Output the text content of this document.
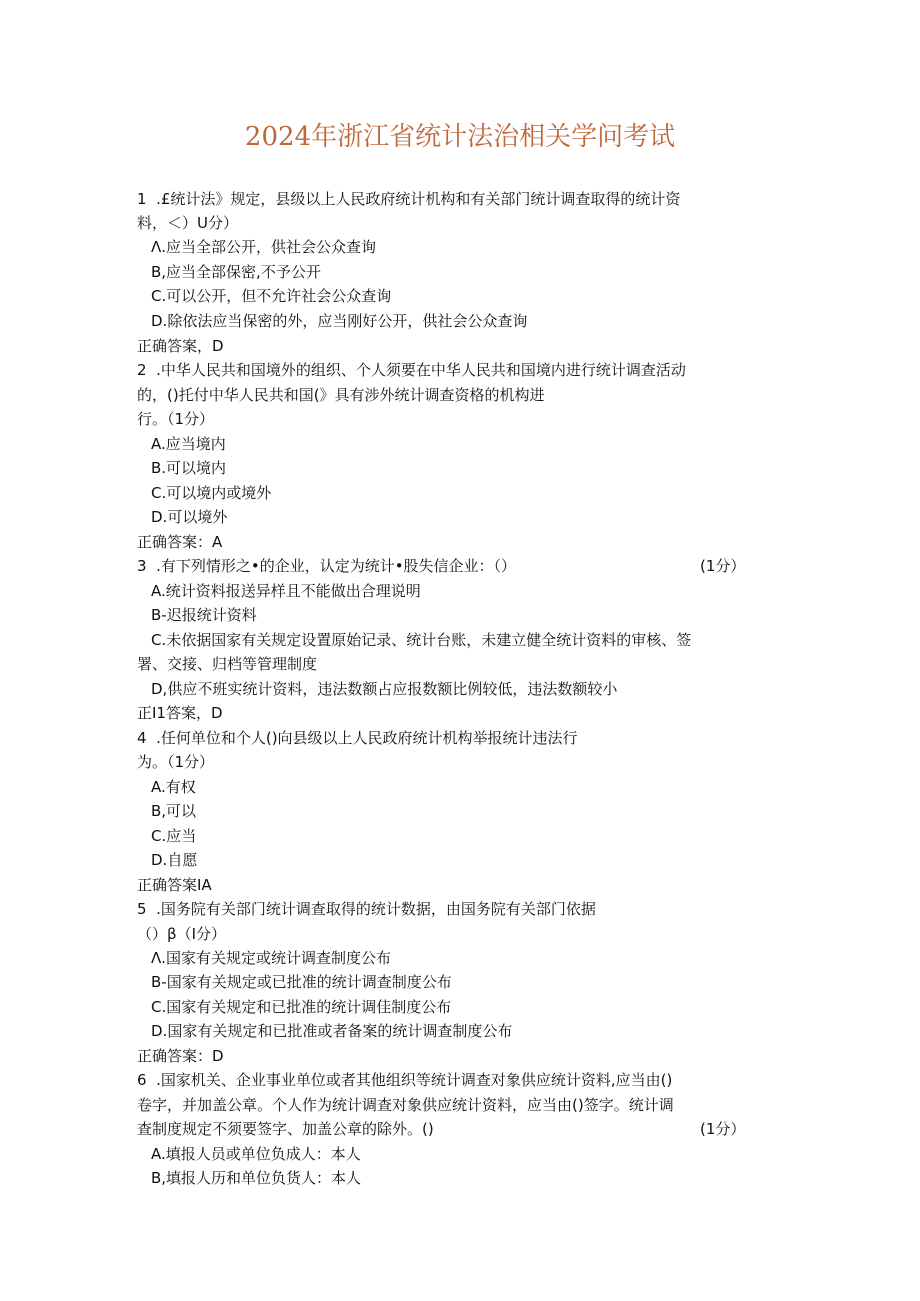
2024年浙江省统计法治相关学问考试
1  .£统计法》规定，县级以上人民政府统计机构和有关部门统计调查取得的统计资
料，＜）U分）
Λ.应当全部公开，供社会公众查询
B,应当全部保密,不予公开
C.可以公开，但不允许社会公众查询
D.除依法应当保密的外，应当刚好公开，供社会公众查询
正确答案，D
2  .中华人民共和国境外的组织、个人须要在中华人民共和国境内进行统计调查活动
的，()托付中华人民共和国(》具有涉外统计调查资格的机构进
行。（1分）
A.应当境内
B.可以境内
C.可以境内或境外
D.可以境外
正确答案：A
3  .有下列情形之•的企业，认定为统计•股失信企业：（）	(1分）
A.统计资料报送异样且不能做出合理说明
B-迟报统计资料
C.未依据国家有关规定设置原始记录、统计台账，未建立健全统计资料的审核、签
署、交接、归档等管理制度
D,供应不班实统计资料，违法数额占应报数额比例较低，违法数额较小
正I1答案，D
4  .任何单位和个人()向县级以上人民政府统计机构举报统计违法行
为。（1分）
A.有权
B,可以
C.应当
D.自愿
正确答案IA
5  .国务院有关部门统计调查取得的统计数据，由国务院有关部门依据
（）β（I分）
Λ.国家有关规定或统计调查制度公布
B-国家有关规定或已批准的统计调查制度公布
C.国家有关规定和已批准的统计调佳制度公布
D.国家有关规定和已批准或者备案的统计调查制度公布
正确答案：D
6  .国家机关、企业事业单位或者其他组织等统计调查对象供应统计资料,应当由()
卷字，并加盖公章。个人作为统计调查对象供应统计资料，应当由()签字。统计调
查制度规定不须要签字、加盖公章的除外。()	(1分）
A.填报人员或单位负成人：本人
B,填报人历和单位负货人：本人
